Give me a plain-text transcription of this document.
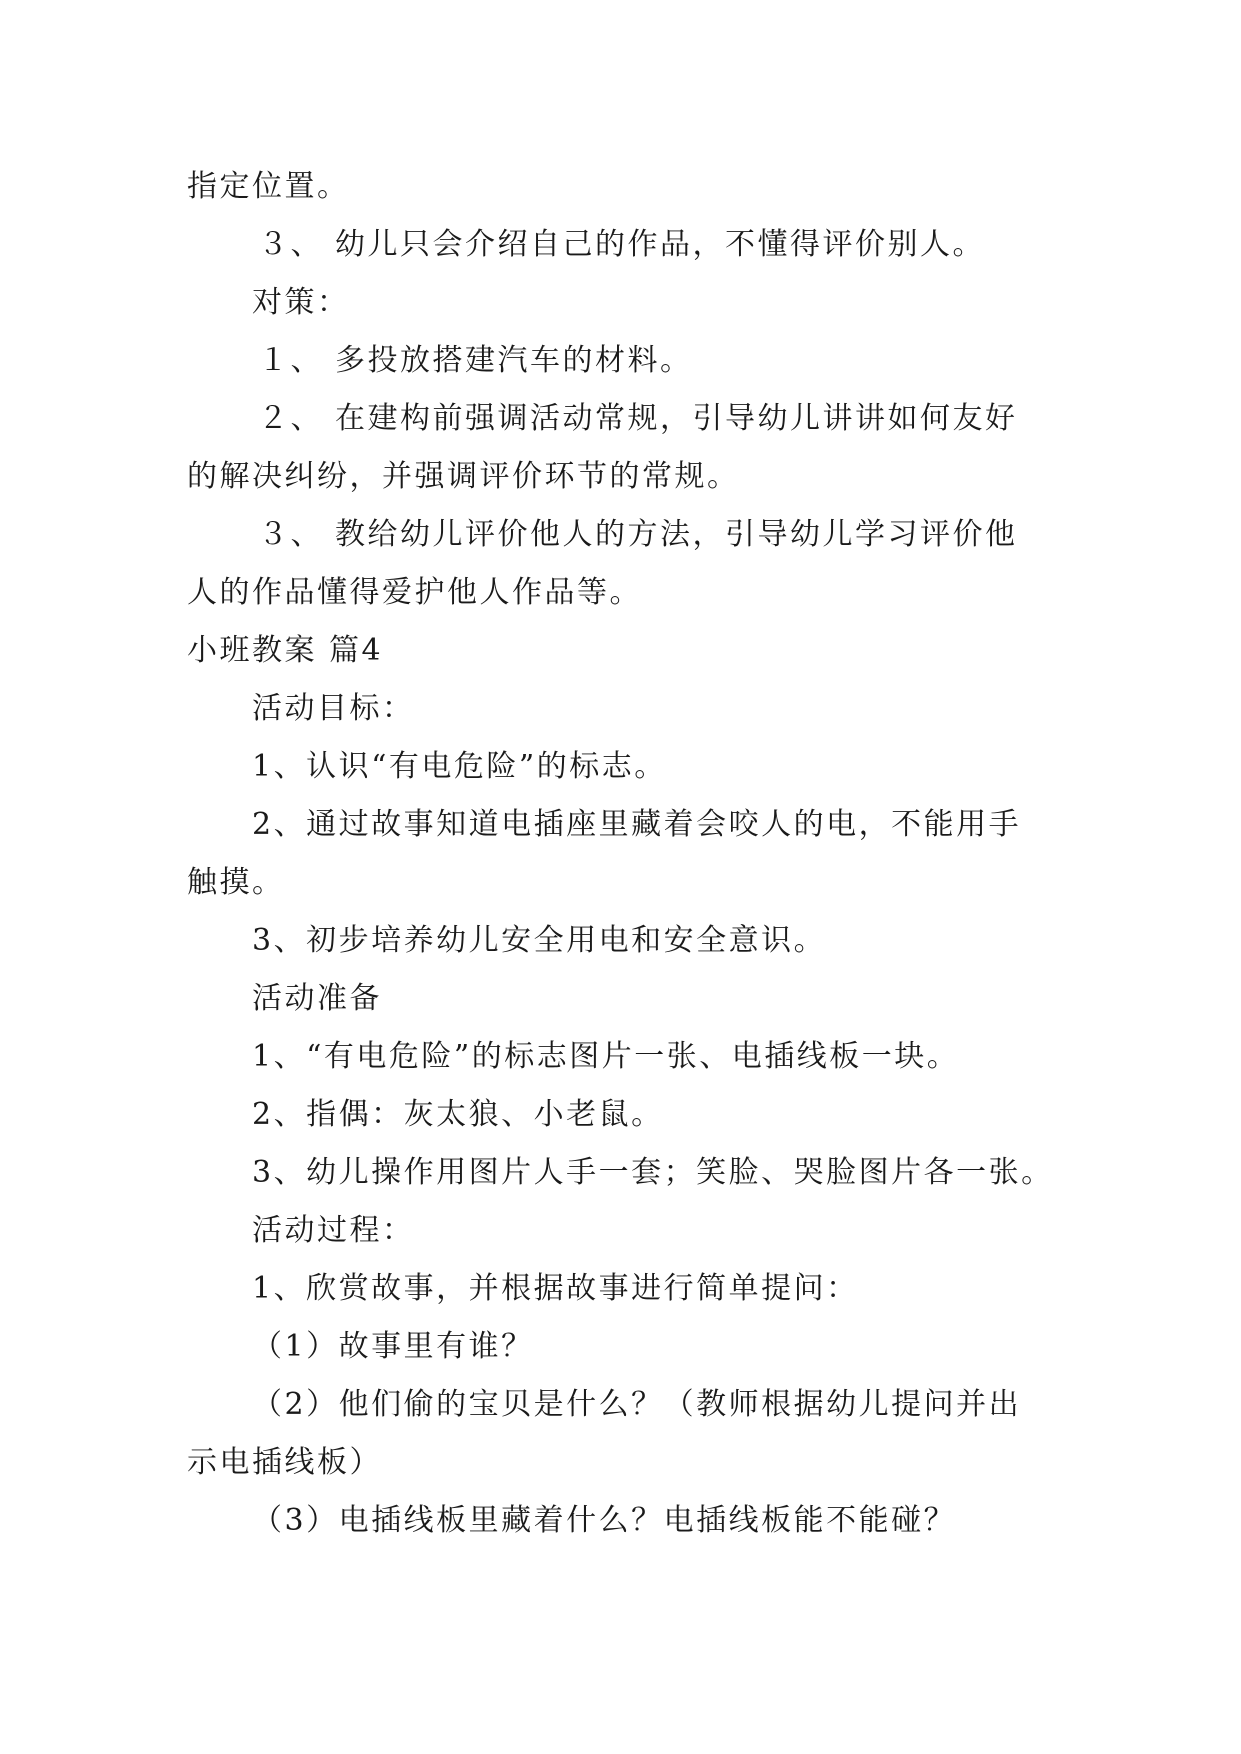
指定位置。
３、 幼儿只会介绍自己的作品，不懂得评价别人。
对策：
１、 多投放搭建汽车的材料。
２、 在建构前强调活动常规，引导幼儿讲讲如何友好
的解决纠纷，并强调评价环节的常规。
３、 教给幼儿评价他人的方法，引导幼儿学习评价他
人的作品懂得爱护他人作品等。
小班教案 篇4
活动目标：
1、认识“有电危险”的标志。
2、通过故事知道电插座里藏着会咬人的电，不能用手
触摸。
3、初步培养幼儿安全用电和安全意识。
活动准备
1、“有电危险”的标志图片一张、电插线板一块。
2、指偶：灰太狼、小老鼠。
3、幼儿操作用图片人手一套；笑脸、哭脸图片各一张。
活动过程：
1、欣赏故事，并根据故事进行简单提问：
（1）故事里有谁？
（2）他们偷的宝贝是什么？（教师根据幼儿提问并出
示电插线板）
（3）电插线板里藏着什么？电插线板能不能碰？
